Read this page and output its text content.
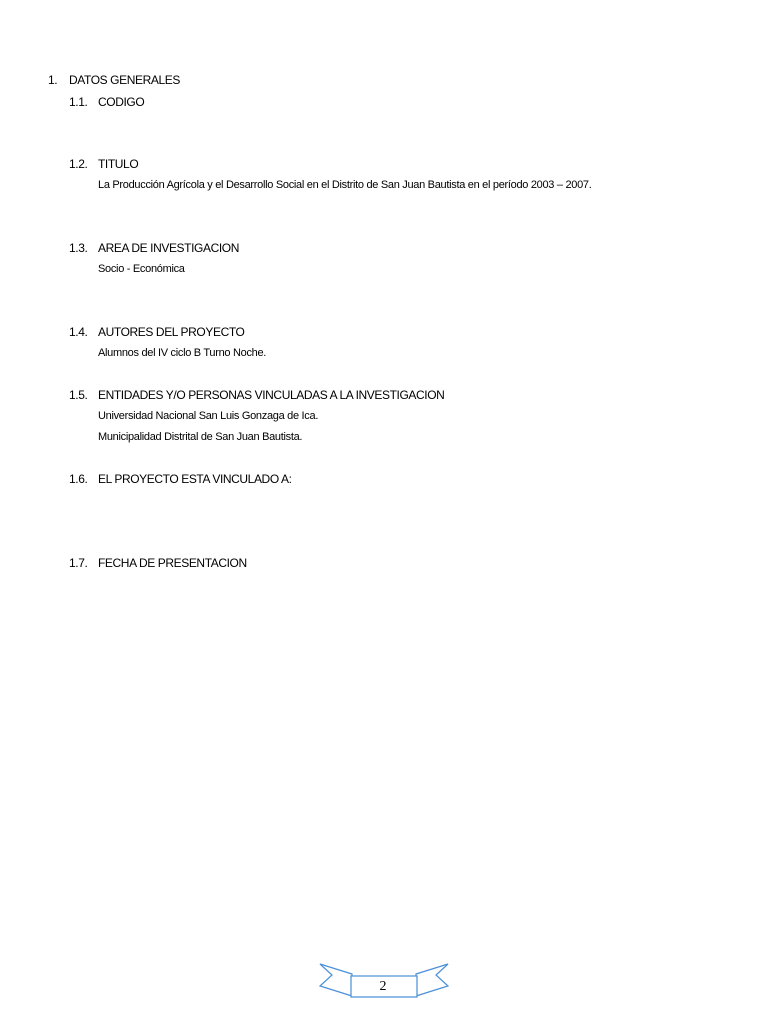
1. DATOS GENERALES
1.1. CODIGO
1.2. TITULO
La Producción Agrícola y el Desarrollo Social en el Distrito de San Juan Bautista en el período 2003 – 2007.
1.3. AREA DE INVESTIGACION
Socio - Económica
1.4. AUTORES DEL PROYECTO
Alumnos del IV ciclo B Turno Noche.
1.5. ENTIDADES Y/O PERSONAS VINCULADAS A LA INVESTIGACION
Universidad Nacional San Luis Gonzaga de Ica.
Municipalidad Distrital de San Juan Bautista.
1.6. EL PROYECTO ESTA VINCULADO A:
1.7. FECHA DE PRESENTACION
2
